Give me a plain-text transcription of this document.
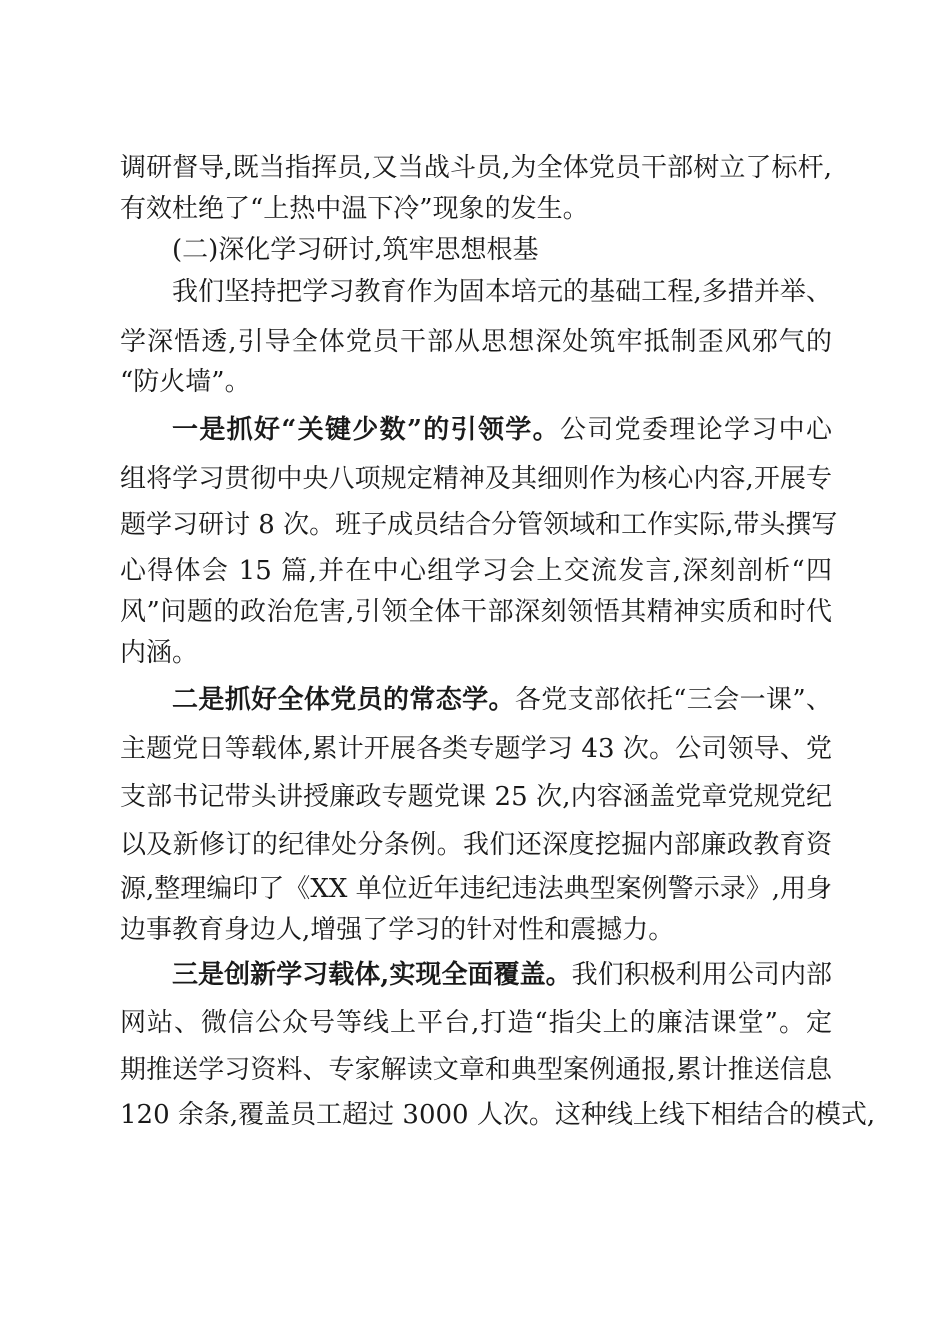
调研督导,既当指挥员,又当战斗员,为全体党员干部树立了标杆,
有效杜绝了“上热中温下冷”现象的发生。
(二)深化学习研讨,筑牢思想根基
我们坚持把学习教育作为固本培元的基础工程,多措并举、
学深悟透,引导全体党员干部从思想深处筑牢抵制歪风邪气的
“防火墙”。
一是抓好“关键少数”的引领学。公司党委理论学习中心
组将学习贯彻中央八项规定精神及其细则作为核心内容,开展专
题学习研讨 8 次。班子成员结合分管领域和工作实际,带头撰写
心得体会 15 篇,并在中心组学习会上交流发言,深刻剖析“四
风”问题的政治危害,引领全体干部深刻领悟其精神实质和时代
内涵。
二是抓好全体党员的常态学。各党支部依托“三会一课”、
主题党日等载体,累计开展各类专题学习 43 次。公司领导、党
支部书记带头讲授廉政专题党课 25 次,内容涵盖党章党规党纪
以及新修订的纪律处分条例。我们还深度挖掘内部廉政教育资
源,整理编印了《XX 单位近年违纪违法典型案例警示录》,用身
边事教育身边人,增强了学习的针对性和震撼力。
三是创新学习载体,实现全面覆盖。我们积极利用公司内部
网站、微信公众号等线上平台,打造“指尖上的廉洁课堂”。定
期推送学习资料、专家解读文章和典型案例通报,累计推送信息
120 余条,覆盖员工超过 3000 人次。这种线上线下相结合的模式,
